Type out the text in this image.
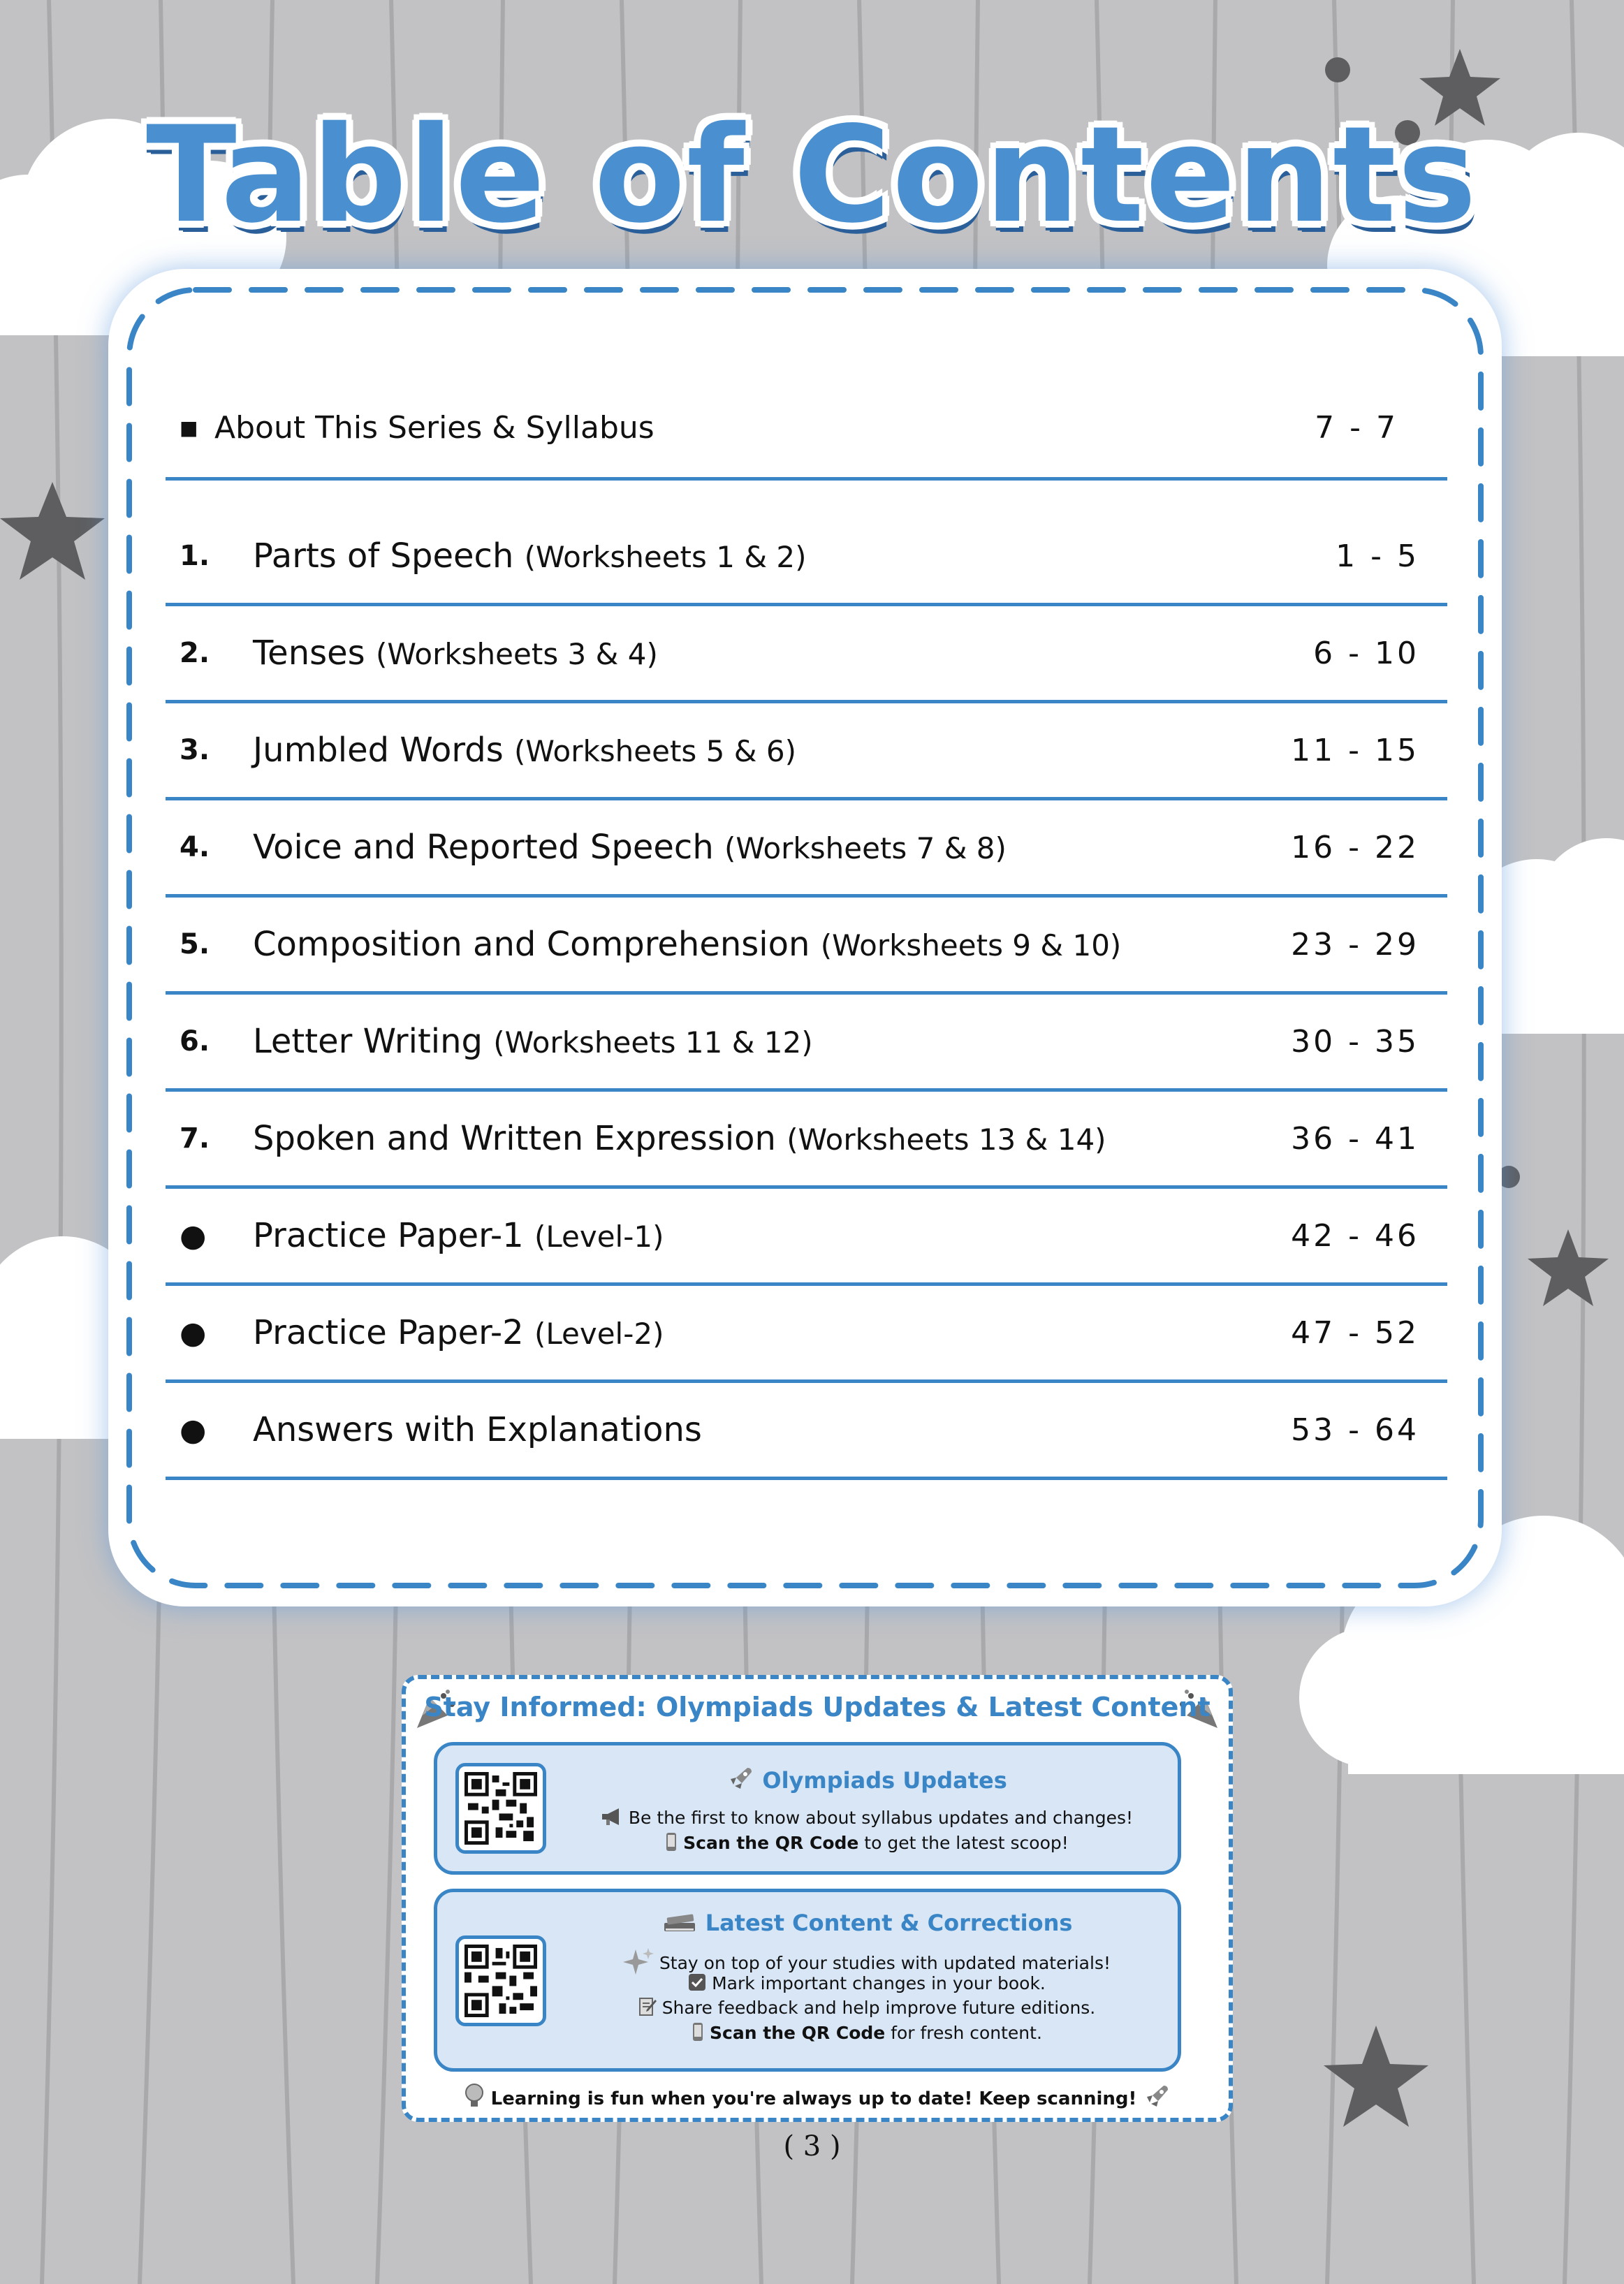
Table of Contents
■ About This Series & Syllabus	7 - 7
1. Parts of Speech (Worksheets 1 & 2)	1 - 5
2. Tenses (Worksheets 3 & 4)	6 - 10
3. Jumbled Words (Worksheets 5 & 6)	11 - 15
4. Voice and Reported Speech (Worksheets 7 & 8)	16 - 22
5. Composition and Comprehension (Worksheets 9 & 10)	23 - 29
6. Letter Writing (Worksheets 11 & 12)	30 - 35
7. Spoken and Written Expression (Worksheets 13 & 14)	36 - 41
● Practice Paper-1 (Level-1)	42 - 46
● Practice Paper-2 (Level-2)	47 - 52
● Answers with Explanations	53 - 64
Stay Informed: Olympiads Updates & Latest Content
Olympiads Updates
Be the first to know about syllabus updates and changes!
Scan the QR Code to get the latest scoop!
Latest Content & Corrections
Stay on top of your studies with updated materials!
Mark important changes in your book.
Share feedback and help improve future editions.
Scan the QR Code for fresh content.
Learning is fun when you're always up to date! Keep scanning!
( 3 )
